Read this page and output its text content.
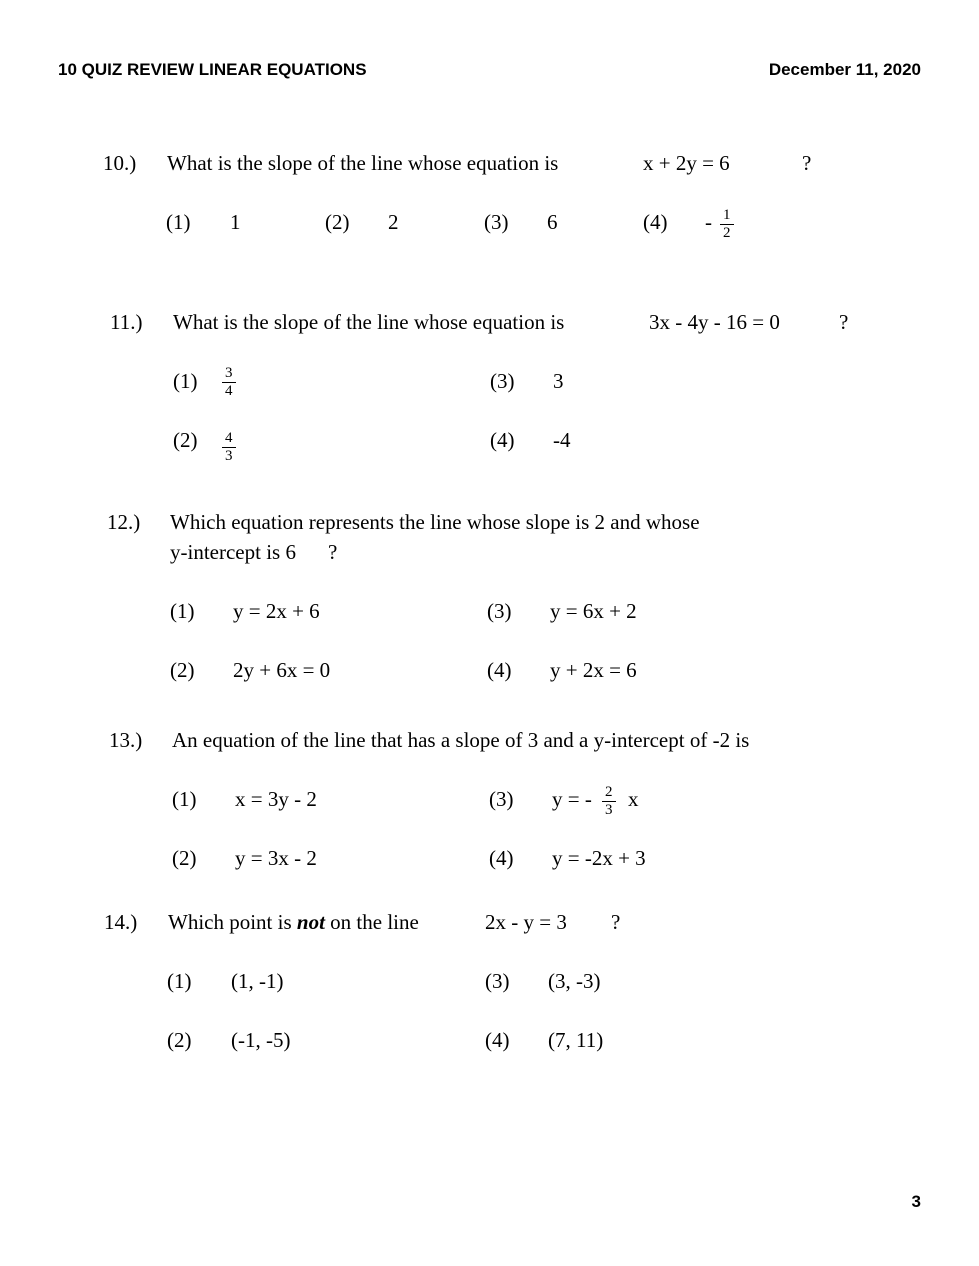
10 QUIZ REVIEW LINEAR EQUATIONS	December 11, 2020
10.) What is the slope of the line whose equation is	x + 2y = 6	?
(1) 1	(2) 2	(3) 6	$(4) - \frac{1}{2}$
11.) What is the slope of the line whose equation is	3x - 4y - 16 = 0	?
$(1) \frac{3}{4}$
$(2) \frac{4}{3}$
(3) 3
(4) -4
12.) Which equation represents the line whose slope is 2 and whose
y-intercept is 6 ?
(1) y = 2x + 6
(2) 2y + 6x = 0
(3) y = 6x + 2
(4) y + 2x = 6
13.) An equation of the line that has a slope of 3 and a y-intercept of -2 is
(1) x = 3y - 2
(2) y = 3x - 2
(3) y = - $\frac{2}{3}$ x
(4) y = -2x + 3
14.) Which point is not on the line	2x - y = 3 ?
(1) (1, -1)
(2) (-1, -5)
(3) (3, -3)
(4) (7, 11)
3
